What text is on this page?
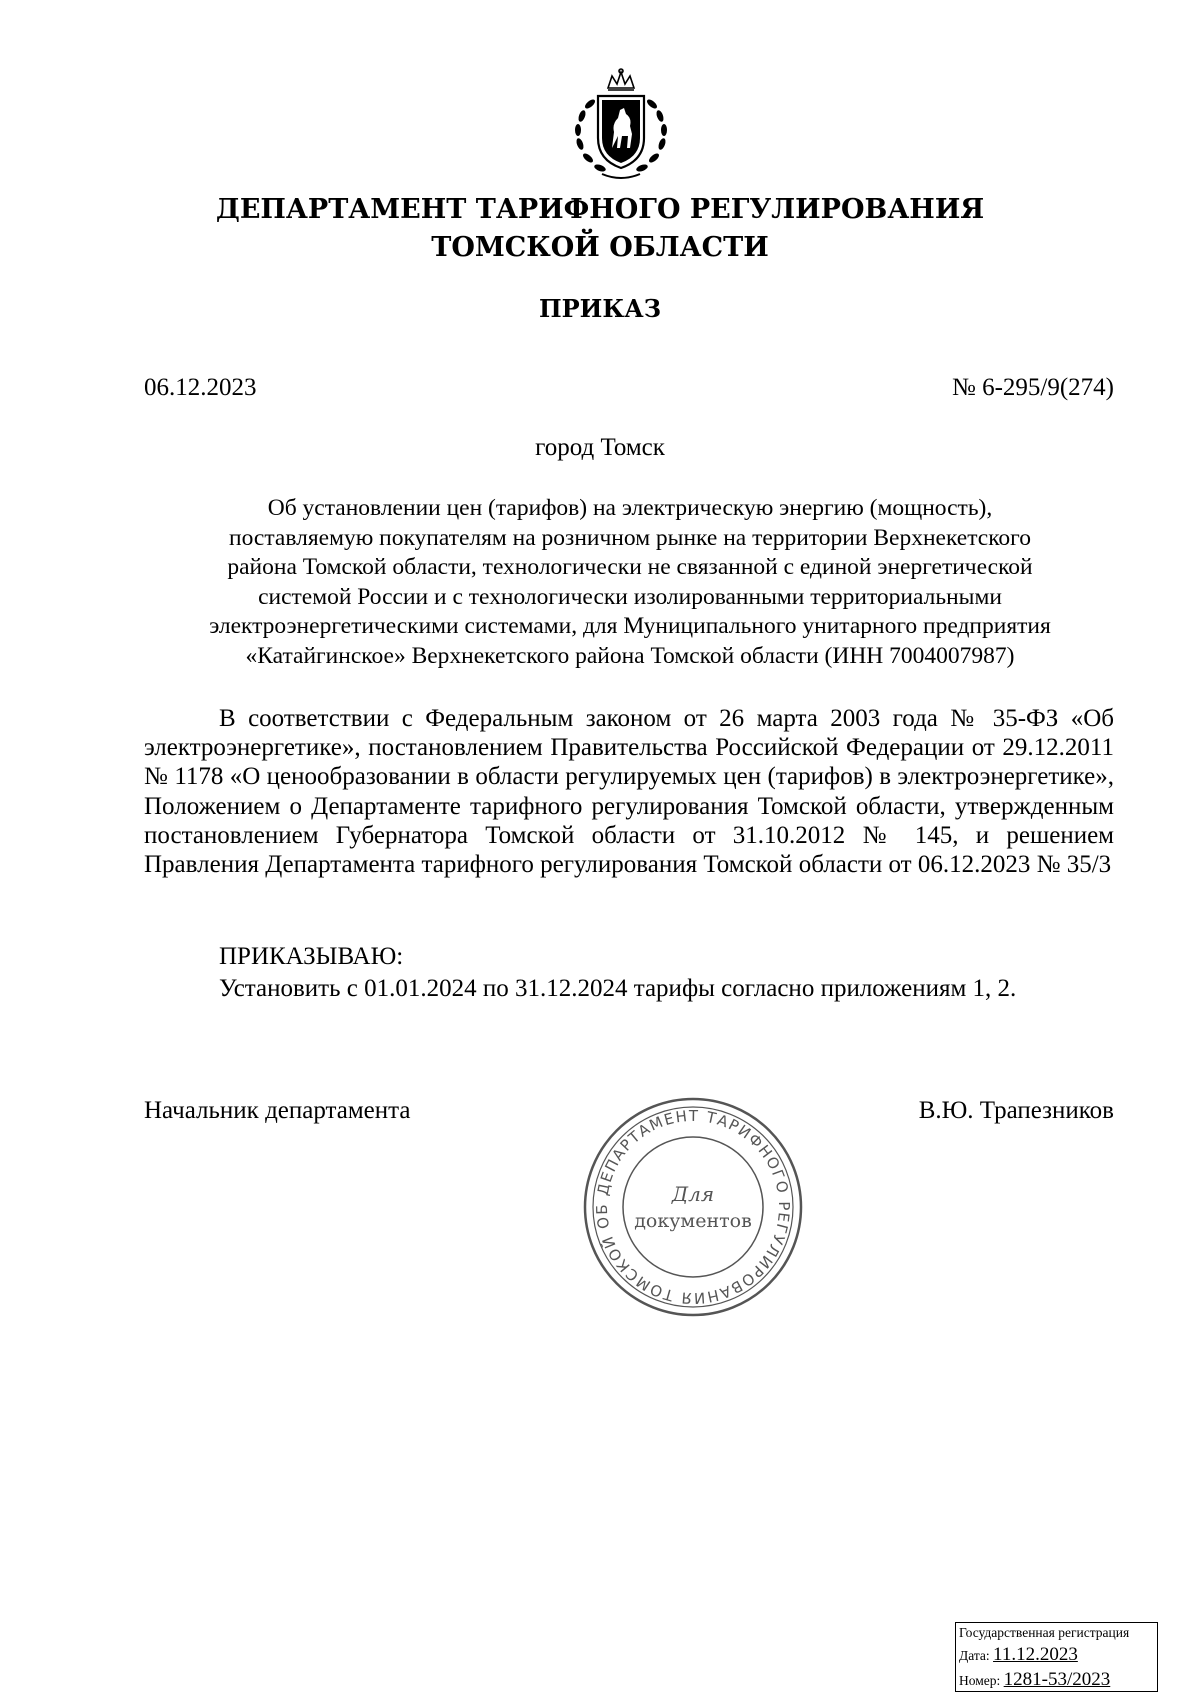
ДЕПАРТАМЕНТ ТАРИФНОГО РЕГУЛИРОВАНИЯ
ТОМСКОЙ ОБЛАСТИ
ПРИКАЗ
06.12.2023	№ 6-295/9(274)
город Томск
Об установлении цен (тарифов) на электрическую энергию (мощность),
поставляемую покупателям на розничном рынке на территории Верхнекетского
района Томской области, технологически не связанной с единой энергетической
системой России и с технологически изолированными территориальными
электроэнергетическими системами, для Муниципального унитарного предприятия
«Катайгинское» Верхнекетского района Томской области (ИНН 7004007987)

В соответствии с Федеральным законом от 26 марта 2003 года № 35-ФЗ «Об электроэнергетике», постановлением Правительства Российской Федерации от 29.12.2011 № 1178 «О ценообразовании в области регулируемых цен (тарифов) в электроэнергетике», Положением о Департаменте тарифного регулирования Томской области, утвержденным постановлением Губернатора Томской области от 31.10.2012 № 145, и решением Правления Департамента тарифного регулирования Томской области от 06.12.2023 № 35/3

ПРИКАЗЫВАЮ:
Установить с 01.01.2024 по 31.12.2024 тарифы согласно приложениям 1, 2.
Начальник департамента	В.Ю. Трапезников
ДЕПАРТАМЕНТ ТАРИФНОГО РЕГУЛИРОВАНИЯ ТОМСКОЙ ОБ
Для
документов
Государственная регистрация
Дата: 11.12.2023
Номер: 1281-53/2023
